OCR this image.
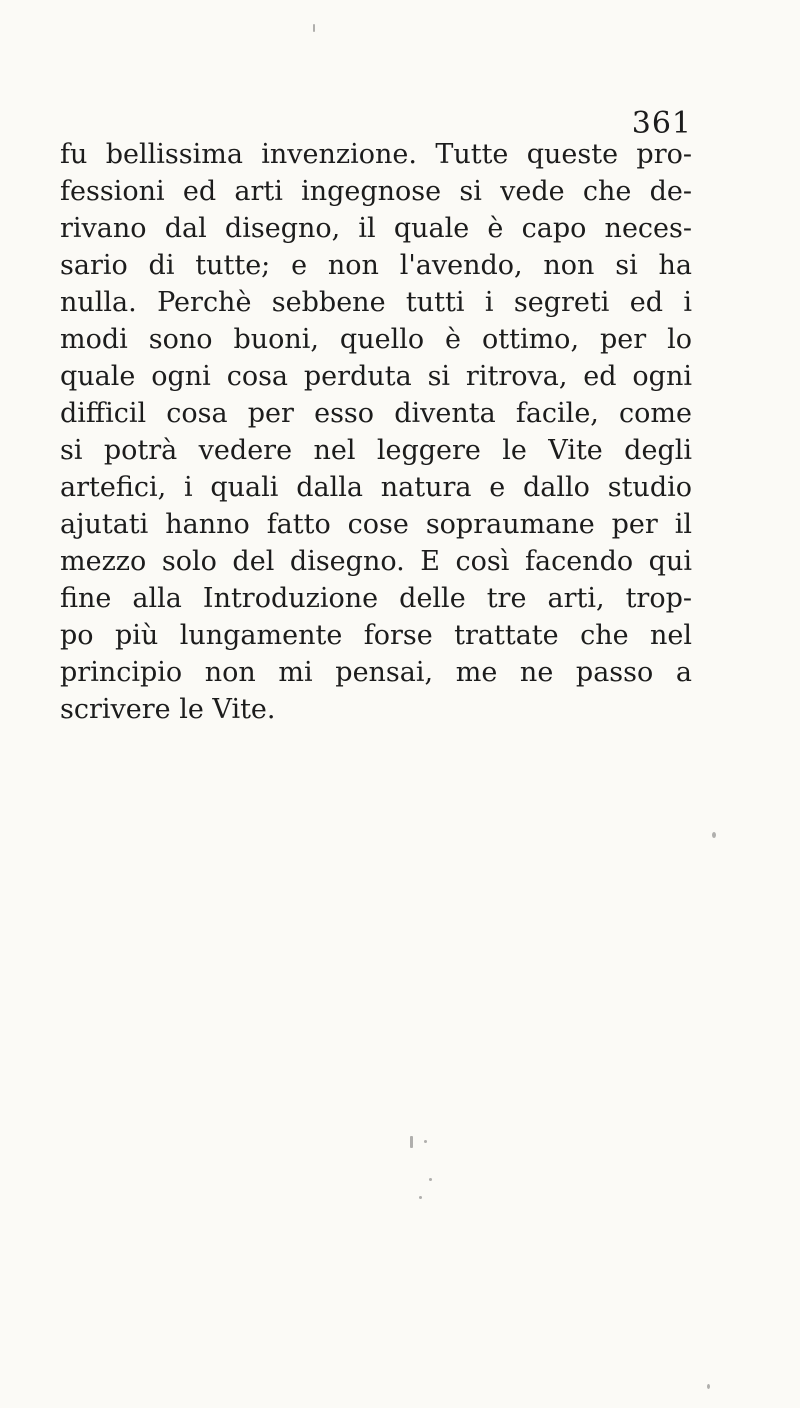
361
fu bellissima invenzione. Tutte queste pro-
fessioni ed arti ingegnose si vede che de-
rivano dal disegno, il quale è capo neces-
sario di tutte; e non l'avendo, non si ha
nulla. Perchè sebbene tutti i segreti ed i
modi sono buoni, quello è ottimo, per lo
quale ogni cosa perduta si ritrova, ed ogni
difficil cosa per esso diventa facile, come
si potrà vedere nel leggere le Vite degli
artefici, i quali dalla natura e dallo studio
ajutati hanno fatto cose sopraumane per il
mezzo solo del disegno. E così facendo qui
fine alla Introduzione delle tre arti, trop-
po più lungamente forse trattate che nel
principio non mi pensai, me ne passo a
scrivere le Vite.
